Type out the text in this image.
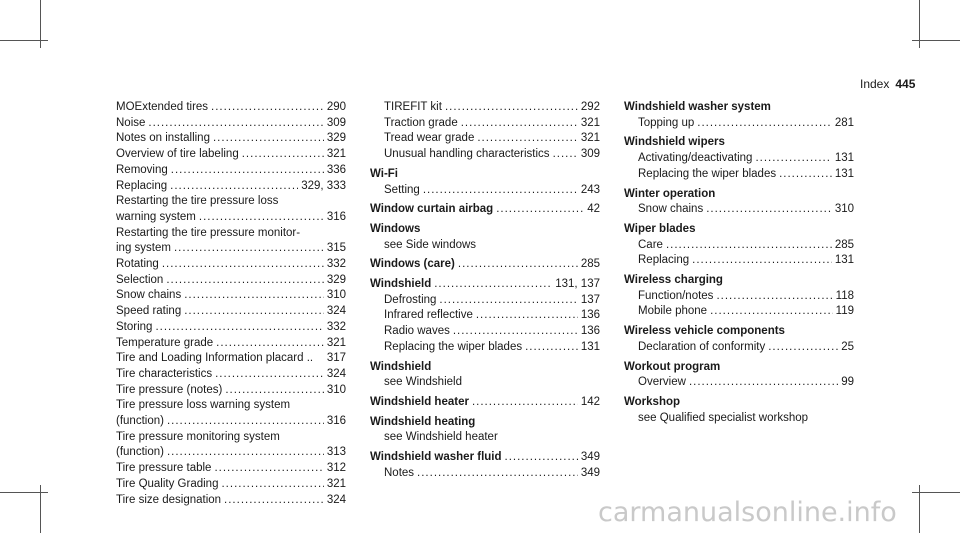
Index 445
MOExtended tires .....	290
Noise .....	309
Notes on installing .....	329
Overview of tire labeling .....	321
Removing .....	336
Replacing .....	329, 333
Restarting the tire pressure loss
warning system .....	316
Restarting the tire pressure monitor-
ing system .....	315
Rotating .....	332
Selection .....	329
Snow chains .....	310
Speed rating .....	324
Storing .....	332
Temperature grade .....	321
Tire and Loading Information placard .. 317
Tire characteristics .....	324
Tire pressure (notes) .....	310
Tire pressure loss warning system
(function) .....	316
Tire pressure monitoring system
(function) .....	313
Tire pressure table .....	312
Tire Quality Grading .....	321
Tire size designation .....	324
TIREFIT kit .....	292
Traction grade .....	321
Tread wear grade .....	321
Unusual handling characteristics .....	309
Wi-Fi
Setting .....	243
Window curtain airbag .....	42
Windows
see Side windows
Windows (care) .....	285
Windshield .....	131, 137
Defrosting .....	137
Infrared reflective .....	136
Radio waves .....	136
Replacing the wiper blades .....	131
Windshield
see Windshield
Windshield heater .....	142
Windshield heating
see Windshield heater
Windshield washer fluid .....	349
Notes .....	349
Windshield washer system
Topping up .....	281
Windshield wipers
Activating/deactivating .....	131
Replacing the wiper blades .....	131
Winter operation
Snow chains .....	310
Wiper blades
Care .....	285
Replacing .....	131
Wireless charging
Function/notes .....	118
Mobile phone .....	119
Wireless vehicle components
Declaration of conformity .....	25
Workout program
Overview .....	99
Workshop
see Qualified specialist workshop
carmanualsonline.info
